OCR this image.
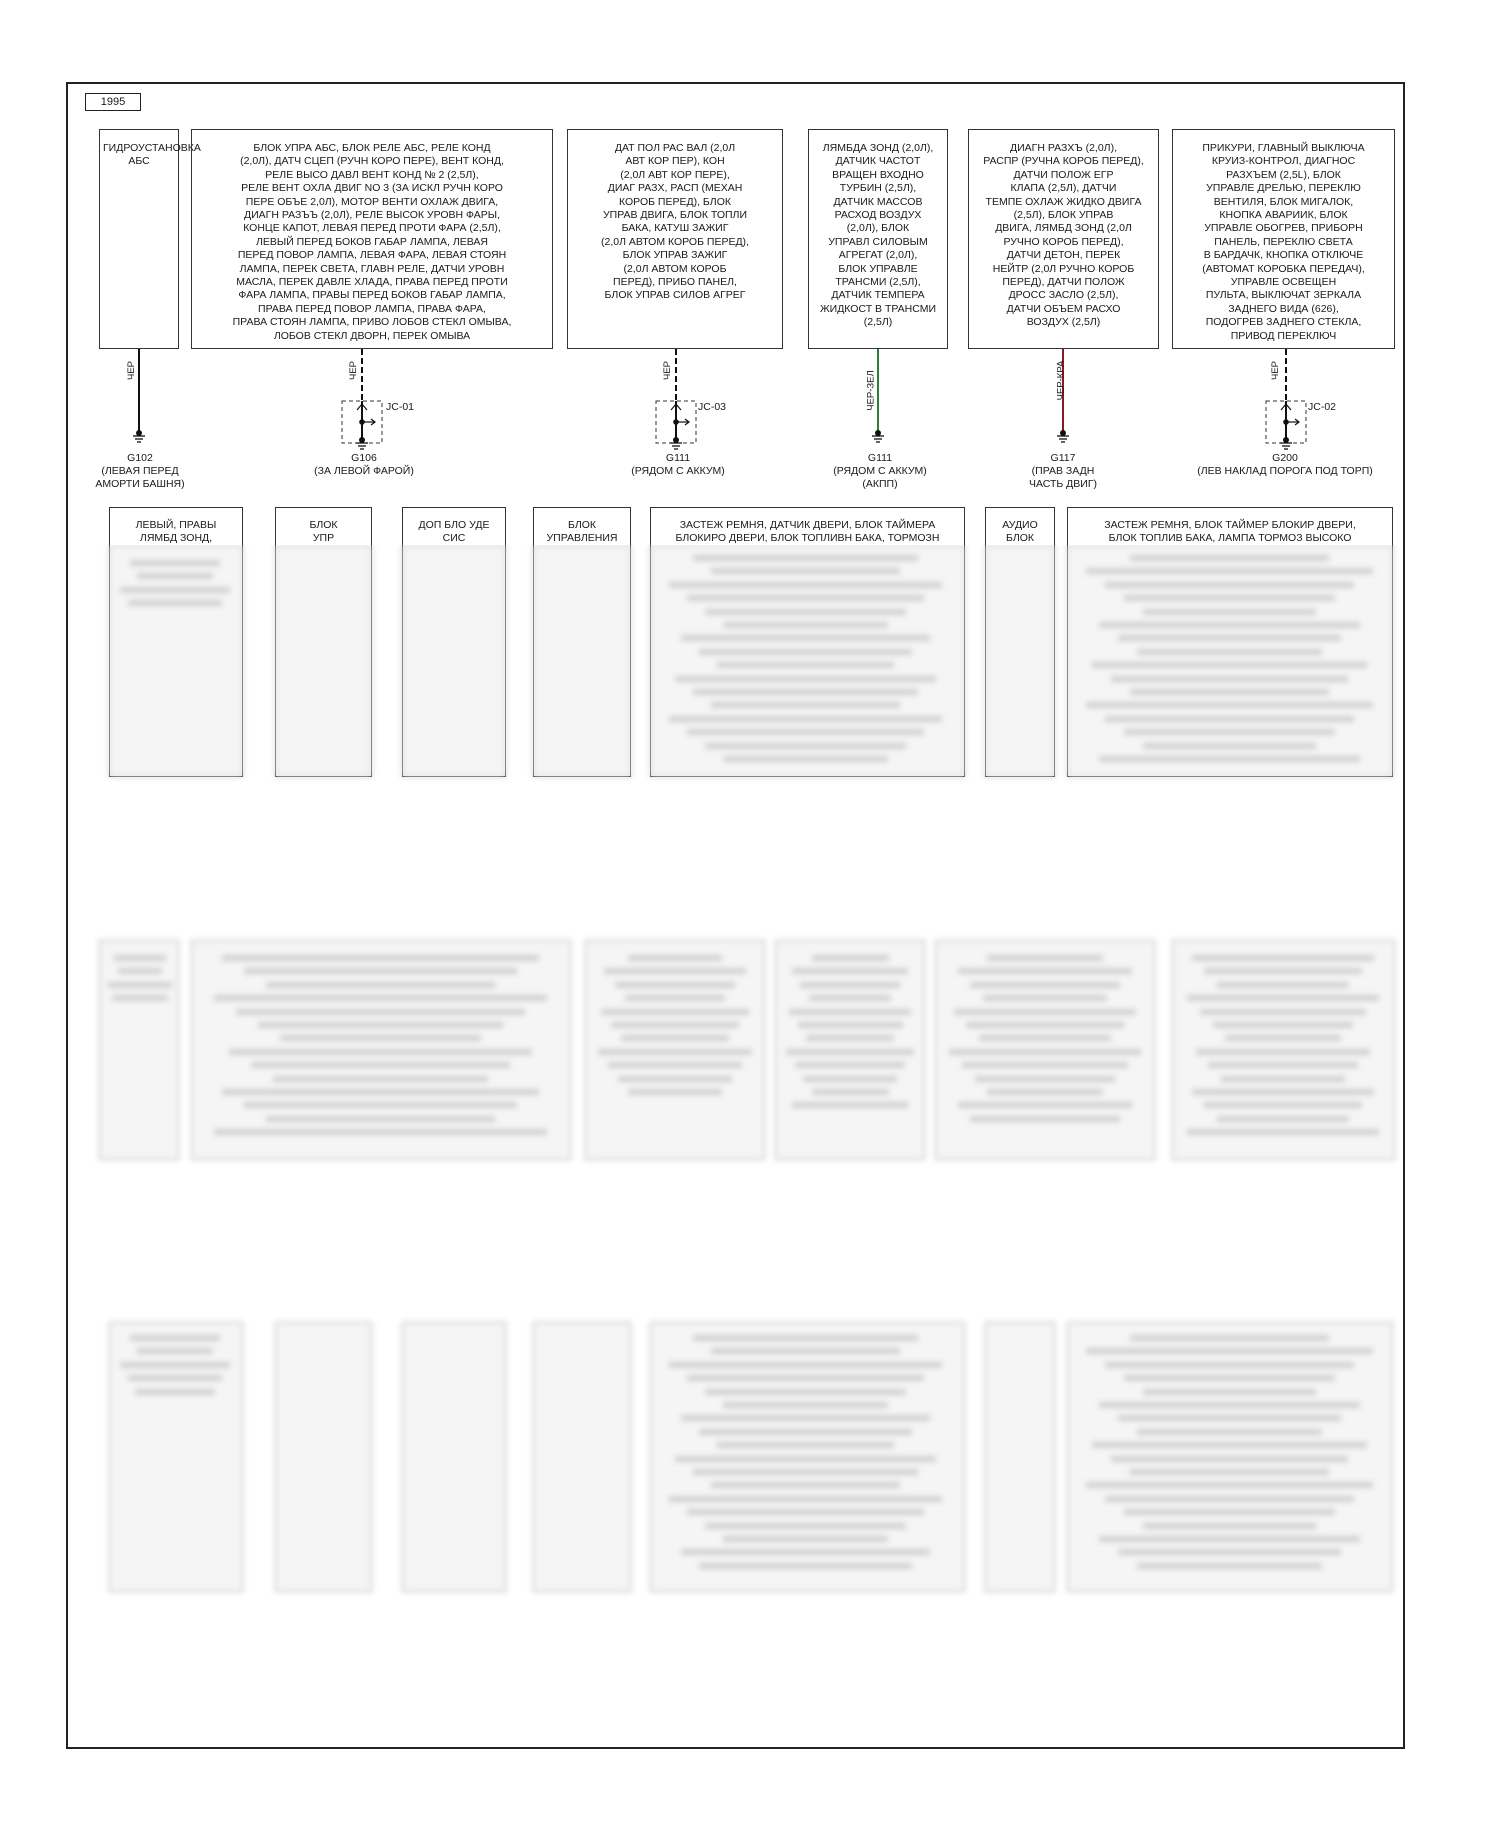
1995
ГИДРОУСТАНОВКА
АБС
БЛОК УПРА АБС, БЛОК РЕЛЕ АБС, РЕЛЕ КОНД
(2,0Л), ДАТЧ СЦЕП (РУЧН КОРО ПЕРЕ), ВЕНТ КОНД,
РЕЛЕ ВЫСО ДАВЛ ВЕНТ КОНД № 2 (2,5Л),
РЕЛЕ ВЕНТ ОХЛА ДВИГ NO 3 (ЗА ИСКЛ РУЧН КОРО
ПЕРЕ ОБЪЕ 2,0Л), МОТОР ВЕНТИ ОХЛАЖ ДВИГА,
ДИАГН РАЗЪЪ (2,0Л), РЕЛЕ ВЫСОК УРОВН ФАРЫ,
КОНЦЕ КАПОТ, ЛЕВАЯ ПЕРЕД ПРОТИ ФАРА (2,5Л),
ЛЕВЫЙ ПЕРЕД БОКОВ ГАБАР ЛАМПА, ЛЕВАЯ
ПЕРЕД ПОВОР ЛАМПА, ЛЕВАЯ ФАРА, ЛЕВАЯ СТОЯН
ЛАМПА, ПЕРЕК СВЕТА, ГЛАВН РЕЛЕ, ДАТЧИ УРОВН
МАСЛА, ПЕРЕК ДАВЛЕ ХЛАДА, ПРАВА ПЕРЕД ПРОТИ
ФАРА ЛАМПА, ПРАВЫ ПЕРЕД БОКОВ ГАБАР ЛАМПА,
ПРАВА ПЕРЕД ПОВОР ЛАМПА, ПРАВА ФАРА,
ПРАВА СТОЯН ЛАМПА, ПРИВО ЛОБОВ СТЕКЛ ОМЫВА,
ЛОБОВ СТЕКЛ ДВОРН, ПЕРЕК ОМЫВА
ДАТ ПОЛ РАС ВАЛ (2,0Л
АВТ КОР ПЕР), КОН
(2,0Л АВТ КОР ПЕРЕ),
ДИАГ РАЗХ, РАСП (МЕХАН
КОРОБ ПЕРЕД), БЛОК
УПРАВ ДВИГА, БЛОК ТОПЛИ
БАКА, КАТУШ ЗАЖИГ
(2,0Л АВТОМ КОРОБ ПЕРЕД),
БЛОК УПРАВ ЗАЖИГ
(2,0Л АВТОМ КОРОБ
ПЕРЕД), ПРИБО ПАНЕЛ,
БЛОК УПРАВ СИЛОВ АГРЕГ
ЛЯМБДА ЗОНД (2,0Л),
ДАТЧИК ЧАСТОТ
ВРАЩЕН ВХОДНО
ТУРБИН (2,5Л),
ДАТЧИК МАССОВ
РАСХОД ВОЗДУХ
(2,0Л), БЛОК
УПРАВЛ СИЛОВЫМ
АГРЕГАТ (2,0Л),
БЛОК УПРАВЛЕ
ТРАНСМИ (2,5Л),
ДАТЧИК ТЕМПЕРА
ЖИДКОСТ В ТРАНСМИ
(2,5Л)
ДИАГН РАЗХЪ (2,0Л),
РАСПР (РУЧНА КОРОБ ПЕРЕД),
ДАТЧИ ПОЛОЖ ЕГР
КЛАПА (2,5Л), ДАТЧИ
ТЕМПЕ ОХЛАЖ ЖИДКО ДВИГА
(2,5Л), БЛОК УПРАВ
ДВИГА, ЛЯМБД ЗОНД (2,0Л
РУЧНО КОРОБ ПЕРЕД),
ДАТЧИ ДЕТОН, ПЕРЕК
НЕЙТР (2,0Л РУЧНО КОРОБ
ПЕРЕД), ДАТЧИ ПОЛОЖ
ДРОСС ЗАСЛО (2,5Л),
ДАТЧИ ОБЪЕМ РАСХО
ВОЗДУХ (2,5Л)
ПРИКУРИ, ГЛАВНЫЙ ВЫКЛЮЧА
КРУИЗ-КОНТРОЛ, ДИАГНОС
РАЗХЪЕМ (2,5L), БЛОК
УПРАВЛЕ ДРЕЛЬЮ, ПЕРЕКЛЮ
ВЕНТИЛЯ, БЛОК МИГАЛОК,
КНОПКА АВАРИИК, БЛОК
УПРАВЛЕ ОБОГРЕВ, ПРИБОРН
ПАНЕЛЬ, ПЕРЕКЛЮ СВЕТА
В БАРДАЧК, КНОПКА ОТКЛЮЧЕ
(АВТОМАТ КОРОБКА ПЕРЕДАЧ),
УПРАВЛЕ ОСВЕЩЕН
ПУЛЬТА, ВЫКЛЮЧАТ ЗЕРКАЛА
ЗАДНЕГО ВИДА (626),
ПОДОГРЕВ ЗАДНЕГО СТЕКЛА,
ПРИВОД ПЕРЕКЛЮЧ
ЧЕР	ЧЕР	ЧЕР	ЧЕР-ЗЕЛ	ЧЕР-КРА	ЧЕР
JC-01	JC-03	JC-02
G102
(ЛЕВАЯ ПЕРЕД
АМОРТИ БАШНЯ)
G106
(ЗА ЛЕВОЙ ФАРОЙ)
G111
(РЯДОМ С АККУМ)
G111
(РЯДОМ С АККУМ)
(АКПП)
G117
(ПРАВ ЗАДН
ЧАСТЬ ДВИГ)
G200
(ЛЕВ НАКЛАД ПОРОГА ПОД ТОРП)
ЛЕВЫЙ, ПРАВЫ
ЛЯМБД ЗОНД,
БЛОК
УПР
ДОП БЛО УДЕ СИС
БЛОК
УПРАВЛЕНИЯ
ЗАСТЕЖ РЕМНЯ, ДАТЧИК ДВЕРИ, БЛОК ТАЙМЕРА
БЛОКИРО ДВЕРИ, БЛОК ТОПЛИВН БАКА, ТОРМОЗН
АУДИО
БЛОК
ЗАСТЕЖ РЕМНЯ, БЛОК ТАЙМЕР БЛОКИР ДВЕРИ,
БЛОК ТОПЛИВ БАКА, ЛАМПА ТОРМОЗ ВЫСОКО
